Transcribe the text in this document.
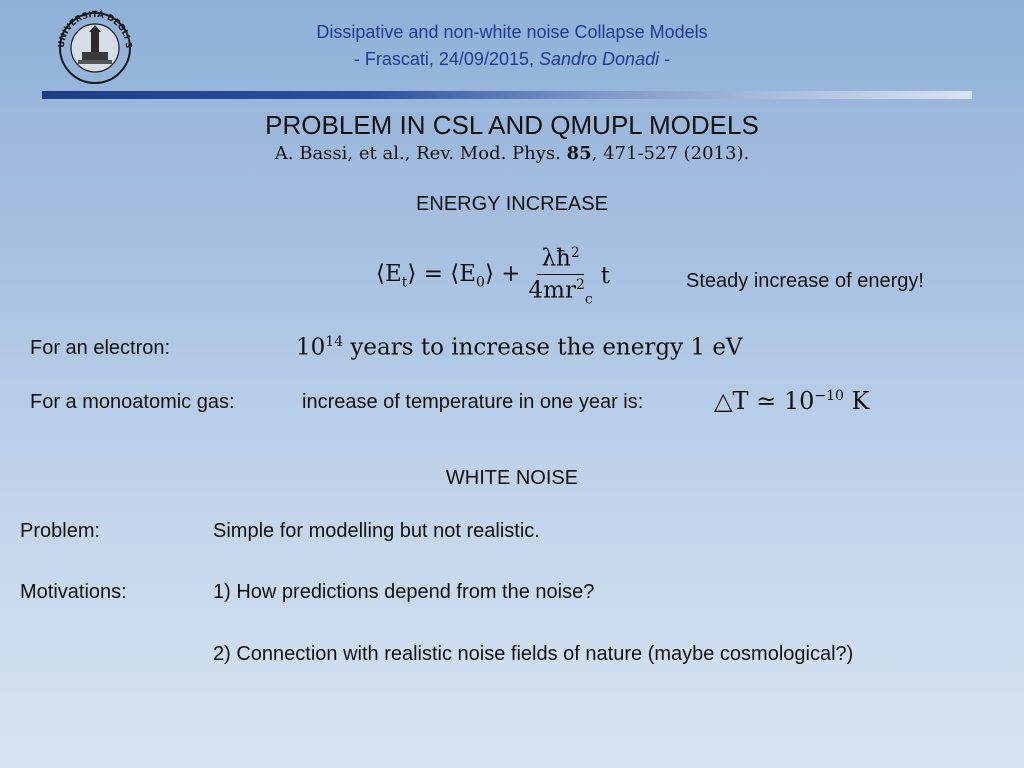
UNIVERSITÀ DEGLI S
Dissipative and non-white noise Collapse Models
- Frascati, 24/09/2015, Sandro Donadi -
PROBLEM IN CSL AND QMUPL MODELS
A. Bassi, et al., Rev. Mod. Phys. 85, 471-527 (2013).
ENERGY INCREASE
$⟨E_t⟩$ = $⟨E_0⟩ + \frac{\lambda ħ^2}{4mr^2_c}$ t	Steady increase of energy!
For an electron:	$10^{14}$ years to increase the energy 1 eV
For a monoatomic gas:	increase of temperature in one year is:	△T ≃ $10^{-10}$ K
WHITE NOISE
Problem:	Simple for modelling but not realistic.
Motivations:	1) How predictions depend from the noise?
2) Connection with realistic noise fields of nature (maybe cosmological?)
